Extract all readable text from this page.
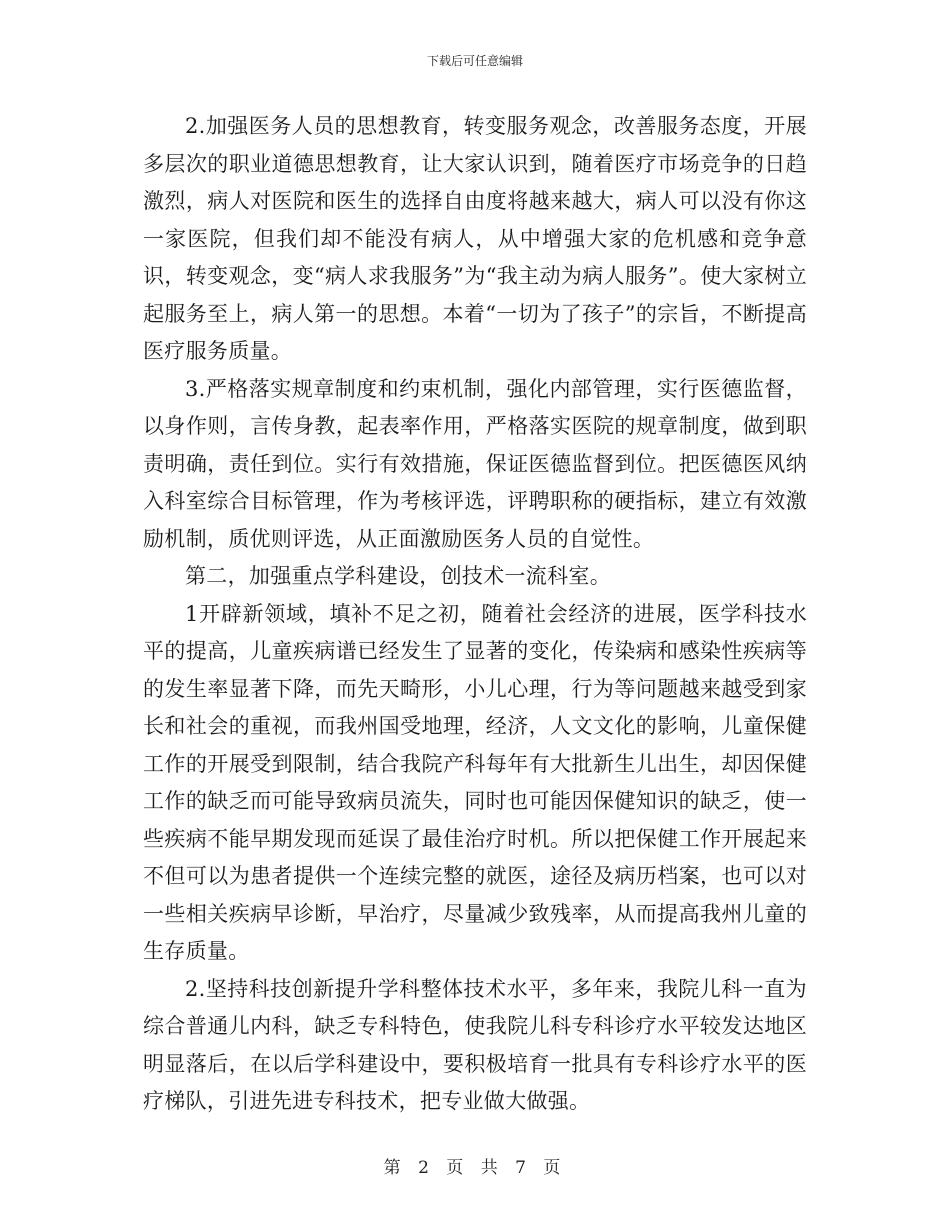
下载后可任意编辑

2.加强医务人员的思想教育，转变服务观念，改善服务态度，开展多层次的职业道德思想教育，让大家认识到，随着医疗市场竞争的日趋激烈，病人对医院和医生的选择自由度将越来越大，病人可以没有你这一家医院，但我们却不能没有病人，从中增强大家的危机感和竞争意识，转变观念，变“病人求我服务”为“我主动为病人服务”。使大家树立起服务至上，病人第一的思想。本着“一切为了孩子”的宗旨，不断提高医疗服务质量。

3.严格落实规章制度和约束机制，强化内部管理，实行医德监督，以身作则，言传身教，起表率作用，严格落实医院的规章制度，做到职责明确，责任到位。实行有效措施，保证医德监督到位。把医德医风纳入科室综合目标管理，作为考核评选，评聘职称的硬指标，建立有效激励机制，质优则评选，从正面激励医务人员的自觉性。

第二，加强重点学科建设，创技术一流科室。

1开辟新领域，填补不足之初，随着社会经济的进展，医学科技水平的提高，儿童疾病谱已经发生了显著的变化，传染病和感染性疾病等的发生率显著下降，而先天畸形，小儿心理，行为等问题越来越受到家长和社会的重视，而我州国受地理，经济，人文文化的影响，儿童保健工作的开展受到限制，结合我院产科每年有大批新生儿出生，却因保健工作的缺乏而可能导致病员流失，同时也可能因保健知识的缺乏，使一些疾病不能早期发现而延误了最佳治疗时机。所以把保健工作开展起来不但可以为患者提供一个连续完整的就医，途径及病历档案，也可以对一些相关疾病早诊断，早治疗，尽量减少致残率，从而提高我州儿童的生存质量。

2.坚持科技创新提升学科整体技术水平，多年来，我院儿科一直为综合普通儿内科，缺乏专科特色，使我院儿科专科诊疗水平较发达地区明显落后，在以后学科建设中，要积极培育一批具有专科诊疗水平的医疗梯队，引进先进专科技术，把专业做大做强。

第 2 页 共 7 页
